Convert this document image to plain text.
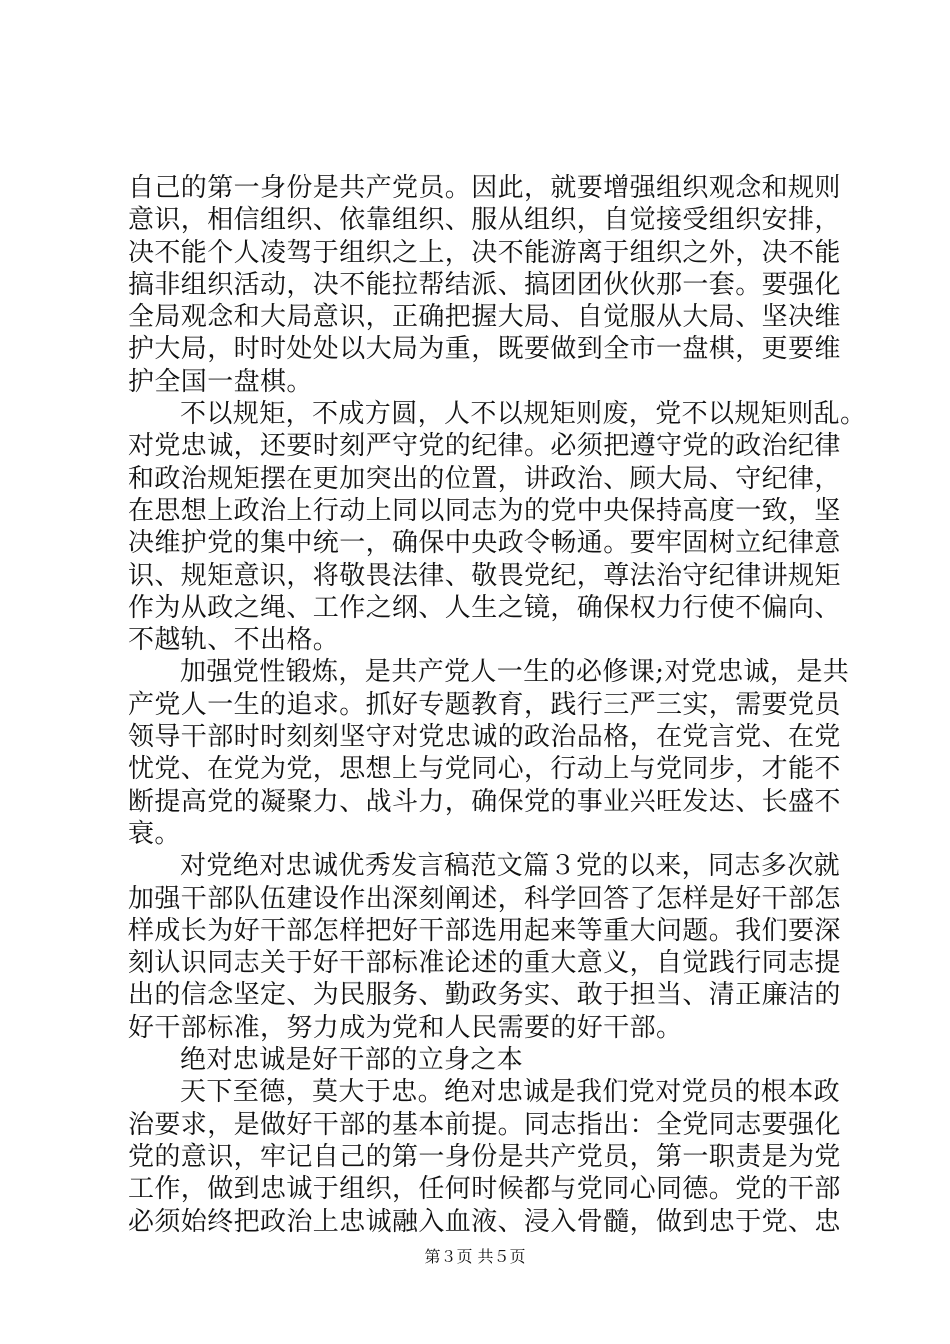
自己的第一身份是共产党员。因此，就要增强组织观念和规则
意识，相信组织、依靠组织、服从组织，自觉接受组织安排，
决不能个人凌驾于组织之上，决不能游离于组织之外，决不能
搞非组织活动，决不能拉帮结派、搞团团伙伙那一套。要强化
全局观念和大局意识，正确把握大局、自觉服从大局、坚决维
护大局，时时处处以大局为重，既要做到全市一盘棋，更要维
护全国一盘棋。
不以规矩，不成方圆，人不以规矩则废，党不以规矩则乱。
对党忠诚，还要时刻严守党的纪律。必须把遵守党的政治纪律
和政治规矩摆在更加突出的位置，讲政治、顾大局、守纪律，
在思想上政治上行动上同以同志为的党中央保持高度一致，坚
决维护党的集中统一，确保中央政令畅通。要牢固树立纪律意
识、规矩意识，将敬畏法律、敬畏党纪，尊法治守纪律讲规矩
作为从政之绳、工作之纲、人生之镜，确保权力行使不偏向、
不越轨、不出格。
加强党性锻炼，是共产党人一生的必修课;对党忠诚，是共
产党人一生的追求。抓好专题教育，践行三严三实，需要党员
领导干部时时刻刻坚守对党忠诚的政治品格，在党言党、在党
忧党、在党为党，思想上与党同心，行动上与党同步，才能不
断提高党的凝聚力、战斗力，确保党的事业兴旺发达、长盛不
衰。
对党绝对忠诚优秀发言稿范文篇３党的以来，同志多次就
加强干部队伍建设作出深刻阐述，科学回答了怎样是好干部怎
样成长为好干部怎样把好干部选用起来等重大问题。我们要深
刻认识同志关于好干部标准论述的重大意义，自觉践行同志提
出的信念坚定、为民服务、勤政务实、敢于担当、清正廉洁的
好干部标准，努力成为党和人民需要的好干部。
绝对忠诚是好干部的立身之本
天下至德，莫大于忠。绝对忠诚是我们党对党员的根本政
治要求，是做好干部的基本前提。同志指出：全党同志要强化
党的意识，牢记自己的第一身份是共产党员，第一职责是为党
工作，做到忠诚于组织，任何时候都与党同心同德。党的干部
必须始终把政治上忠诚融入血液、浸入骨髓，做到忠于党、忠
第３页 共５页
